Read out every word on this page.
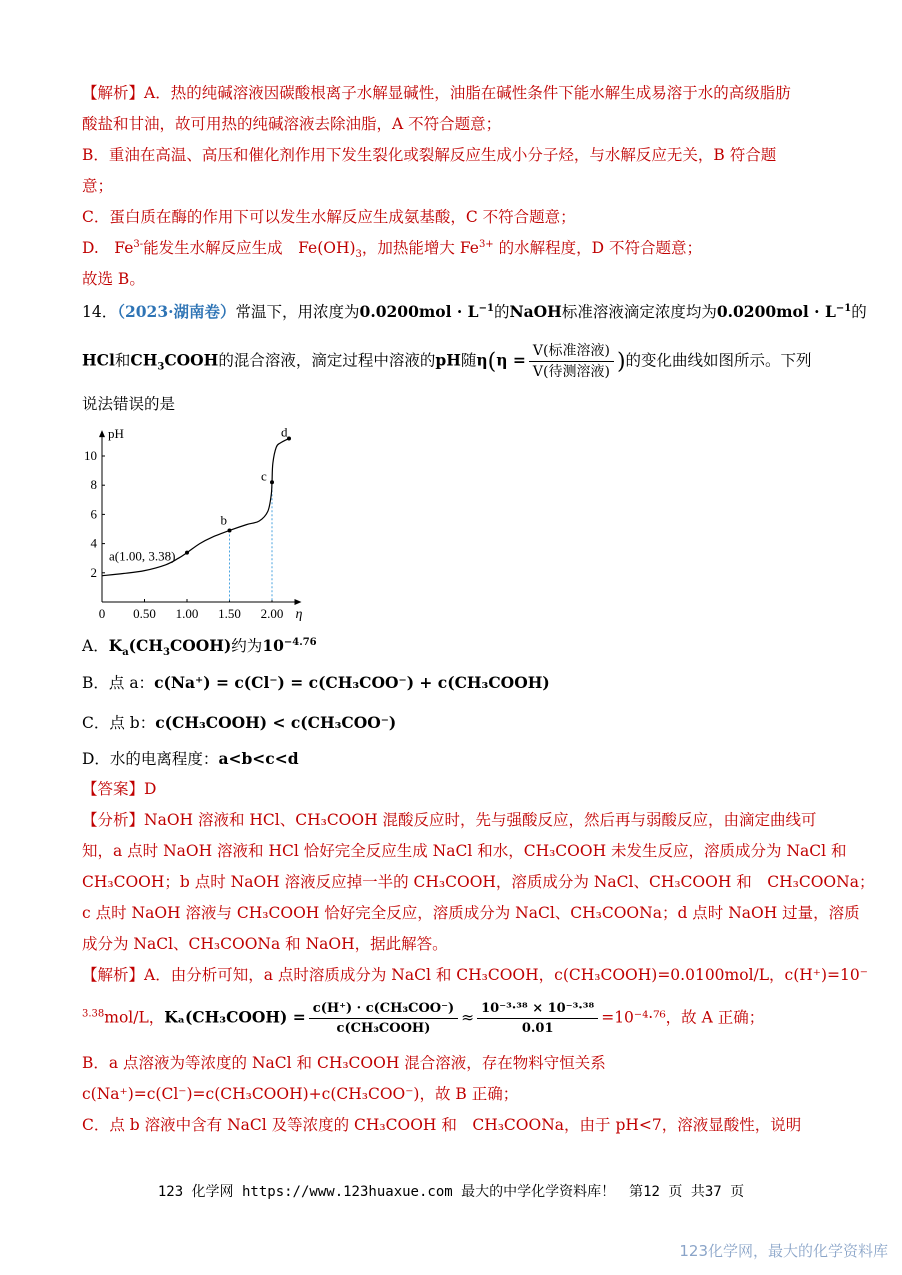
【解析】A．热的纯碱溶液因碳酸根离子水解显碱性，油脂在碱性条件下能水解生成易溶于水的高级脂肪
酸盐和甘油，故可用热的纯碱溶液去除油脂，A 不符合题意；
B．重油在高温、高压和催化剂作用下发生裂化或裂解反应生成小分子烃，与水解反应无关，B 符合题
意；
C．蛋白质在酶的作用下可以发生水解反应生成氨基酸，C 不符合题意；
D.　$Fe^{3-}$能发生水解反应生成　$Fe(OH)_3$，加热能增大 $Fe^{3+}$ 的水解程度，D 不符合题意；
故选 B。
14．（2023·湖南卷）常温下，用浓度为$0.0200mol \cdot L^{-1}$的NaOH标准溶液滴定浓度均为$0.0200mol \cdot L^{-1}$的
HCl和$CH_3COOH$的混合溶液，滴定过程中溶液的pH随$\eta(\eta = \frac{\text{V(标准溶液)}}{\text{V(待测溶液)}}$ )的变化曲线如图所示。下列
说法错误的是
pH
η
0 0.50 1.00 1.50 2.00
2
4
6
8
10
a(1.00, 3.38)
b
c
d
A．$K_a(CH_3COOH)$约为$10^{-4.76}$
B．点 a：c(Na⁺) = c(Cl⁻) = c(CH₃COO⁻) + c(CH₃COOH)
C．点 b：c(CH₃COOH) < c(CH₃COO⁻)
D．水的电离程度：a<b<c<d
【答案】D
【分析】NaOH 溶液和 HCl、CH₃COOH 混酸反应时，先与强酸反应，然后再与弱酸反应，由滴定曲线可
知，a 点时 NaOH 溶液和 HCl 恰好完全反应生成 NaCl 和水，CH₃COOH 未发生反应，溶质成分为 NaCl 和
CH₃COOH；b 点时 NaOH 溶液反应掉一半的 CH₃COOH，溶质成分为 NaCl、CH₃COOH 和　CH₃COONa；
c 点时 NaOH 溶液与 CH₃COOH 恰好完全反应，溶质成分为 NaCl、CH₃COONa；d 点时 NaOH 过量，溶质
成分为 NaCl、CH₃COONa 和 NaOH，据此解答。
【解析】A．由分析可知，a 点时溶质成分为 NaCl 和 CH₃COOH，c(CH₃COOH)=0.0100mol/L，c(H⁺)=10⁻
$^{3.38}$mol/L，Kₐ(CH₃COOH) = $\frac{\text{c(H⁺) · c(CH₃COO⁻)}}{\text{c(CH₃COOH)}} \approx \frac{\text{10⁻³·³⁸ × 10⁻³·³⁸}}{0.01} =10^{-4}\cdot^{76}$，故 A 正确；
B．a 点溶液为等浓度的 NaCl 和 CH₃COOH 混合溶液，存在物料守恒关系
c(Na⁺)=c(Cl⁻)=c(CH₃COOH)+c(CH₃COO⁻)，故 B 正确；
C．点 b 溶液中含有 NaCl 及等浓度的 CH₃COOH 和　CH₃COONa，由于 pH<7，溶液显酸性，说明
123 化学网 https://www.123huaxue.com 最大的中学化学资料库！　第12 页 共37 页
123化学网，最大的化学资料库
